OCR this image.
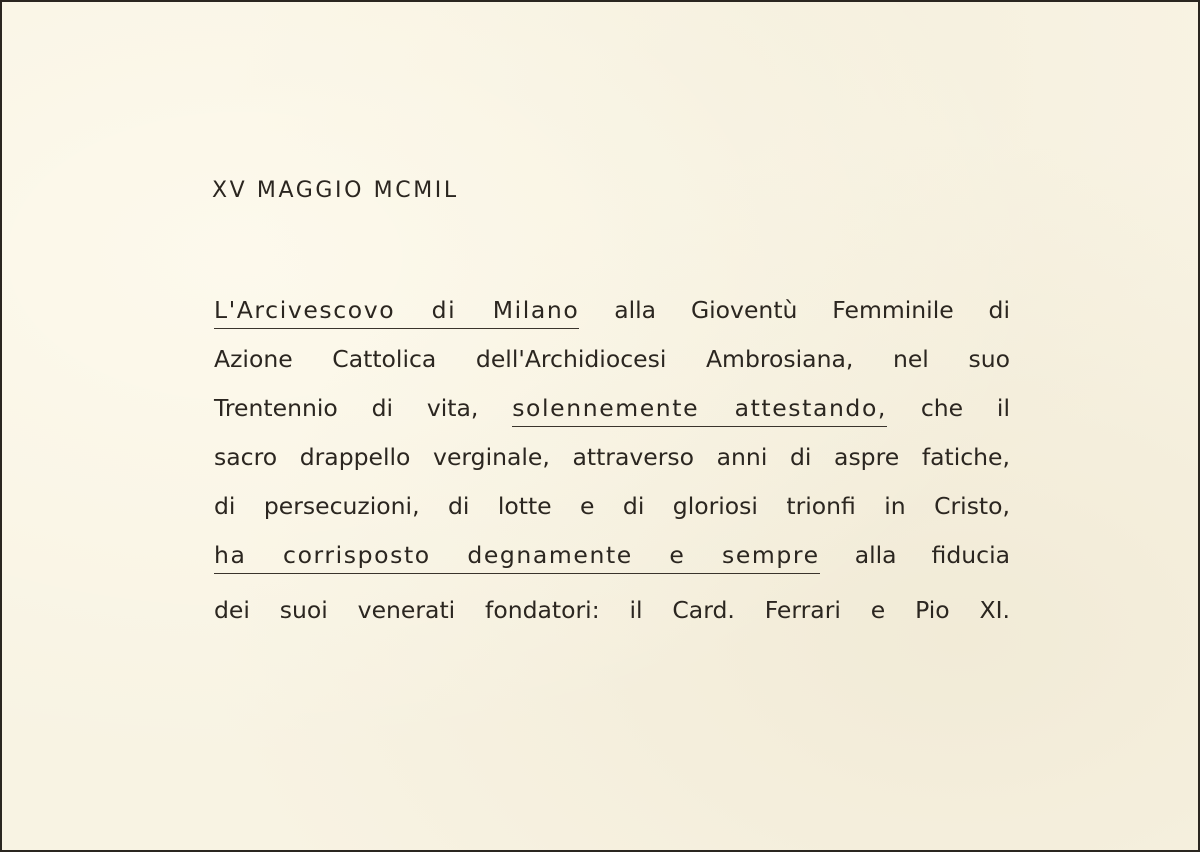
XV MAGGIO MCMIL
L'Arcivescovo di Milano alla Gioventù Femminile di
Azione Cattolica dell'Archidiocesi Ambrosiana, nel suo
Trentennio di vita, solennemente attestando, che il
sacro drappello verginale, attraverso anni di aspre fatiche,
di persecuzioni, di lotte e di gloriosi trionfi in Cristo,
ha corrisposto degnamente e sempre alla fiducia
dei suoi venerati fondatori: il Card. Ferrari e Pio XI.
